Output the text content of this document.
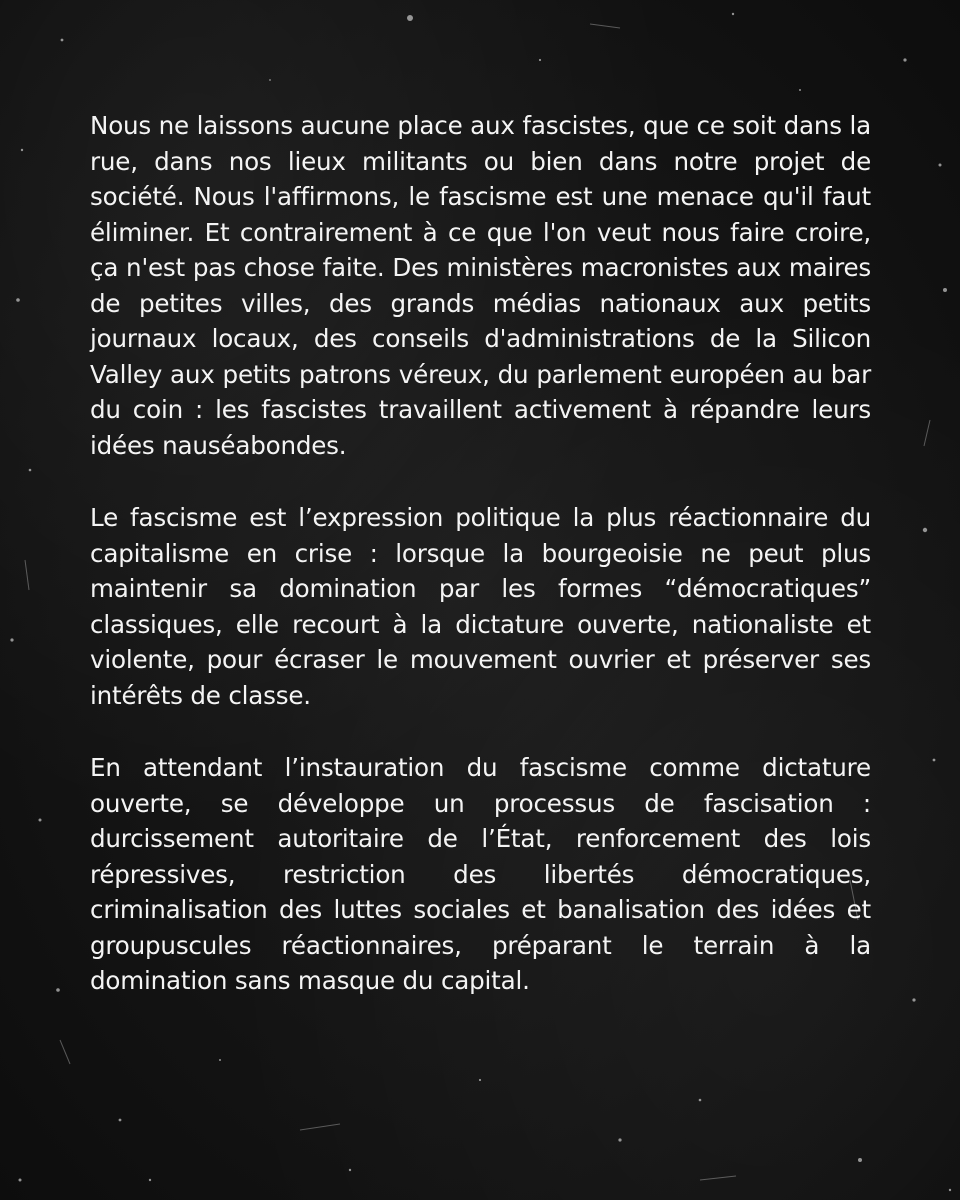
Nous ne laissons aucune place aux fascistes, que ce soit dans la rue, dans nos lieux militants ou bien dans notre projet de société. Nous l'affirmons, le fascisme est une menace qu'il faut éliminer. Et contrairement à ce que l'on veut nous faire croire, ça n'est pas chose faite. Des ministères macronistes aux maires de petites villes, des grands médias nationaux aux petits journaux locaux, des conseils d'administrations de la Silicon Valley aux petits patrons véreux, du parlement européen au bar du coin : les fascistes travaillent activement à répandre leurs idées nauséabondes.

Le fascisme est l’expression politique la plus réactionnaire du capitalisme en crise : lorsque la bourgeoisie ne peut plus maintenir sa domination par les formes “démocratiques” classiques, elle recourt à la dictature ouverte, nationaliste et violente, pour écraser le mouvement ouvrier et préserver ses intérêts de classe.

En attendant l’instauration du fascisme comme dictature ouverte, se développe un processus de fascisation : durcissement autoritaire de l’État, renforcement des lois répressives, restriction des libertés démocratiques, criminalisation des luttes sociales et banalisation des idées et groupuscules réactionnaires, préparant le terrain à la domination sans masque du capital.
